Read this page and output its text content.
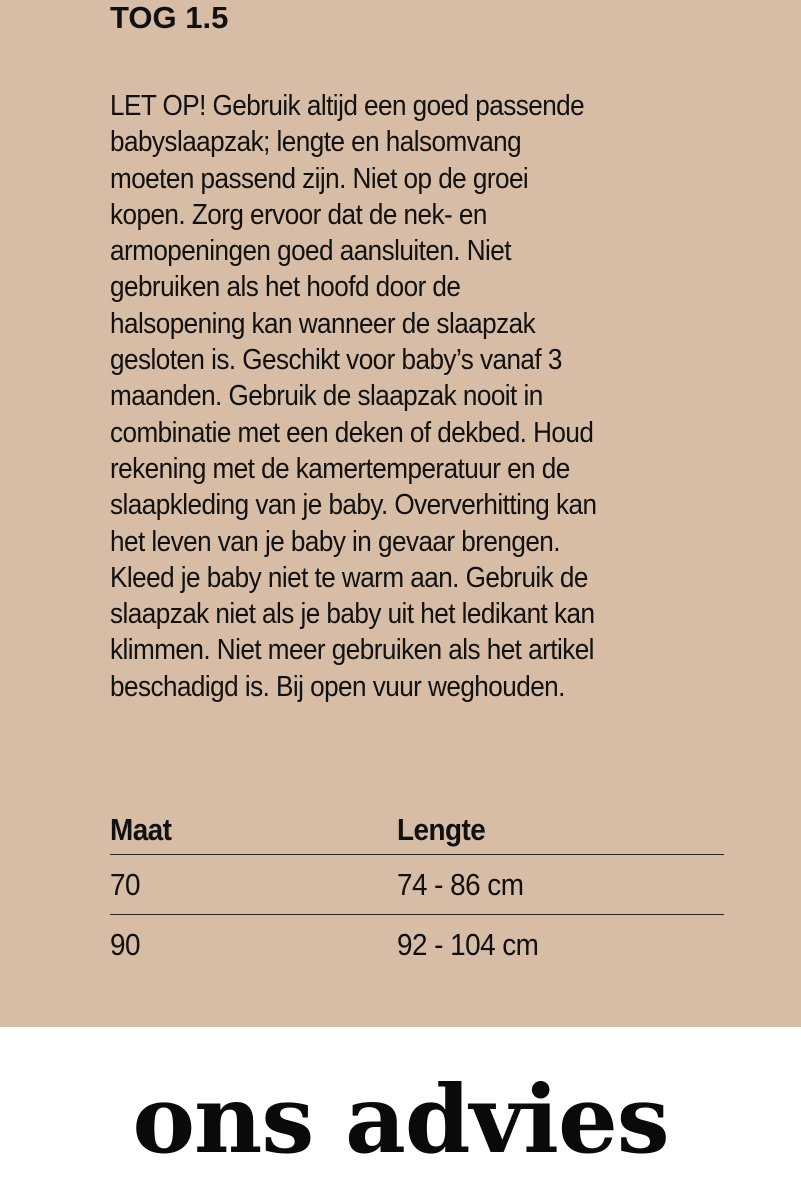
TOG 1.5
LET OP! Gebruik altijd een goed passende
babyslaapzak; lengte en halsomvang
moeten passend zijn. Niet op de groei
kopen. Zorg ervoor dat de nek- en
armopeningen goed aansluiten. Niet
gebruiken als het hoofd door de
halsopening kan wanneer de slaapzak
gesloten is. Geschikt voor baby’s vanaf 3
maanden. Gebruik de slaapzak nooit in
combinatie met een deken of dekbed. Houd
rekening met de kamertemperatuur en de
slaapkleding van je baby. Oververhitting kan
het leven van je baby in gevaar brengen.
Kleed je baby niet te warm aan. Gebruik de
slaapzak niet als je baby uit het ledikant kan
klimmen. Niet meer gebruiken als het artikel
beschadigd is. Bij open vuur weghouden.
Maat	Lengte
70	74 - 86 cm
90	92 - 104 cm
ons advies
